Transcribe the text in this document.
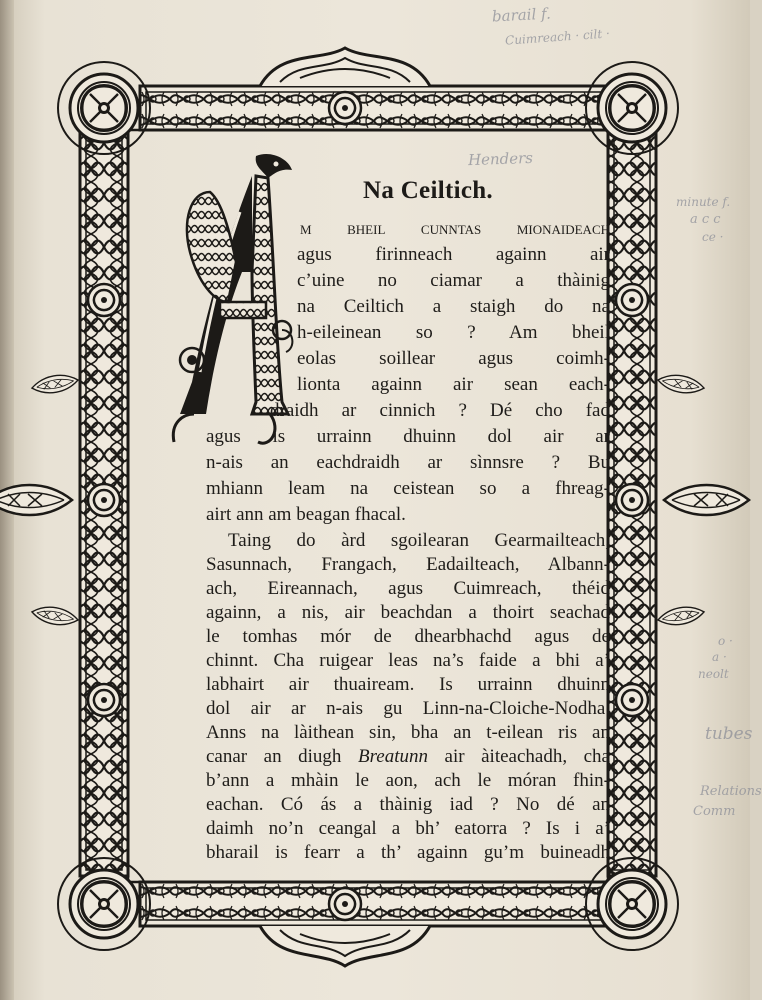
barail f.
Cuimreach · cilt ·
Henders
minute f.
a c c
ce ·
o ·
a ·
neolt
tubes
Relations
Comm
Na Ceiltich.
m bheil cunntas mionaideach
agus firinneach againn air
c’uine no ciamar a thàinig
na Ceiltich a staigh do na
h-eileinean so ? Am bheil
eolas soillear agus coimh-
lionta againn air sean each-
draidh ar cinnich ? Dé cho fad
agus is urrainn dhuinn dol air ar
n-ais an eachdraidh ar sìnnsre ? Bu
mhiann leam na ceistean so a fhreag-
airt ann am beagan fhacal.
Taing do àrd sgoilearan Gearmailteach,
Sasunnach, Frangach, Eadailteach, Albann-
ach, Eireannach, agus Cuimreach, théid
againn, a nis, air beachdan a thoirt seachad
le tomhas mór de dhearbhachd agus de
chinnt. Cha ruigear leas na’s faide a bhi a’
labhairt air thuaiream. Is urrainn dhuinn
dol air ar n-ais gu Linn-na-Cloiche-Nodha.
Anns na làithean sin, bha an t-eilean ris an
canar an diugh Breatunn air àiteachadh, cha
b’ann a mhàin le aon, ach le móran fhin-
eachan. Có ás a thàinig iad ? No dé an
daimh no’n ceangal a bh’ eatorra ? Is i a’
bharail is fearr a th’ againn gu’m buineadh
